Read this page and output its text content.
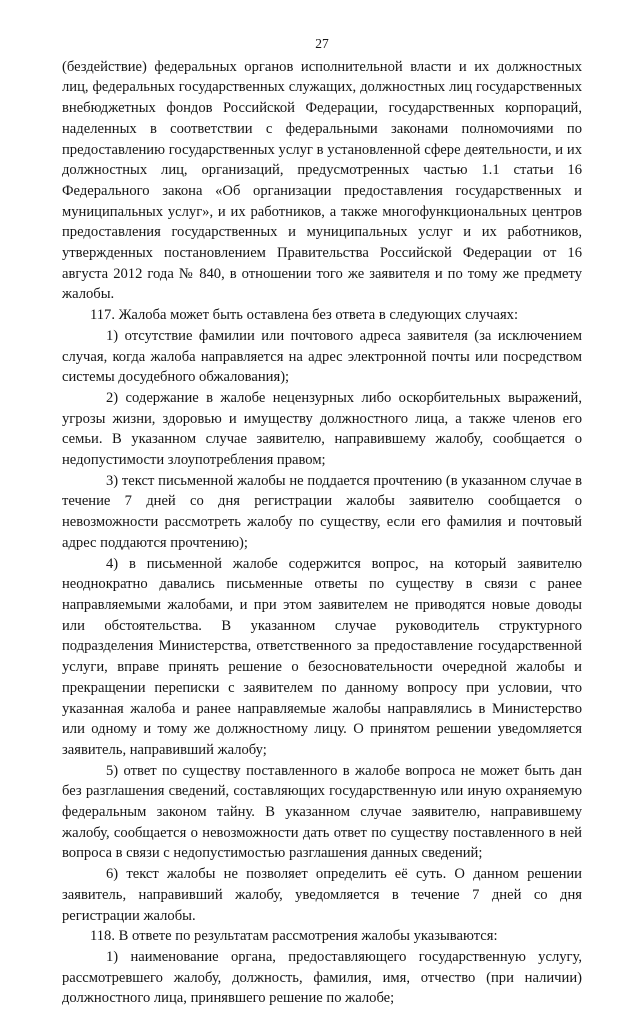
27

(бездействие) федеральных органов исполнительной власти и их должностных лиц, федеральных государственных служащих, должностных лиц государственных внебюджетных фондов Российской Федерации, государственных корпораций, наделенных в соответствии с федеральными законами полномочиями по предоставлению государственных услуг в установленной сфере деятельности, и их должностных лиц, организаций, предусмотренных частью 1.1 статьи 16 Федерального закона «Об организации предоставления государственных и муниципальных услуг», и их работников, а также многофункциональных центров предоставления государственных и муниципальных услуг и их работников, утвержденных постановлением Правительства Российской Федерации от 16 августа 2012 года № 840, в отношении того же заявителя и по тому же предмету жалобы.

117. Жалоба может быть оставлена без ответа в следующих случаях:

1) отсутствие фамилии или почтового адреса заявителя (за исключением случая, когда жалоба направляется на адрес электронной почты или посредством системы досудебного обжалования);

2) содержание в жалобе нецензурных либо оскорбительных выражений, угрозы жизни, здоровью и имуществу должностного лица, а также членов его семьи. В указанном случае заявителю, направившему жалобу, сообщается о недопустимости злоупотребления правом;

3) текст письменной жалобы не поддается прочтению (в указанном случае в течение 7 дней со дня регистрации жалобы заявителю сообщается о невозможности рассмотреть жалобу по существу, если его фамилия и почтовый адрес поддаются прочтению);

4) в письменной жалобе содержится вопрос, на который заявителю неоднократно давались письменные ответы по существу в связи с ранее направляемыми жалобами, и при этом заявителем не приводятся новые доводы или обстоятельства. В указанном случае руководитель структурного подразделения Министерства, ответственного за предоставление государственной услуги, вправе принять решение о безосновательности очередной жалобы и прекращении переписки с заявителем по данному вопросу при условии, что указанная жалоба и ранее направляемые жалобы направлялись в Министерство или одному и тому же должностному лицу. О принятом решении уведомляется заявитель, направивший жалобу;

5) ответ по существу поставленного в жалобе вопроса не может быть дан без разглашения сведений, составляющих государственную или иную охраняемую федеральным законом тайну. В указанном случае заявителю, направившему жалобу, сообщается о невозможности дать ответ по существу поставленного в ней вопроса в связи с недопустимостью разглашения данных сведений;

6) текст жалобы не позволяет определить её суть. О данном решении заявитель, направивший жалобу, уведомляется в течение 7 дней со дня регистрации жалобы.

118. В ответе по результатам рассмотрения жалобы указываются:

1) наименование органа, предоставляющего государственную услугу, рассмотревшего жалобу, должность, фамилия, имя, отчество (при наличии) должностного лица, принявшего решение по жалобе;
